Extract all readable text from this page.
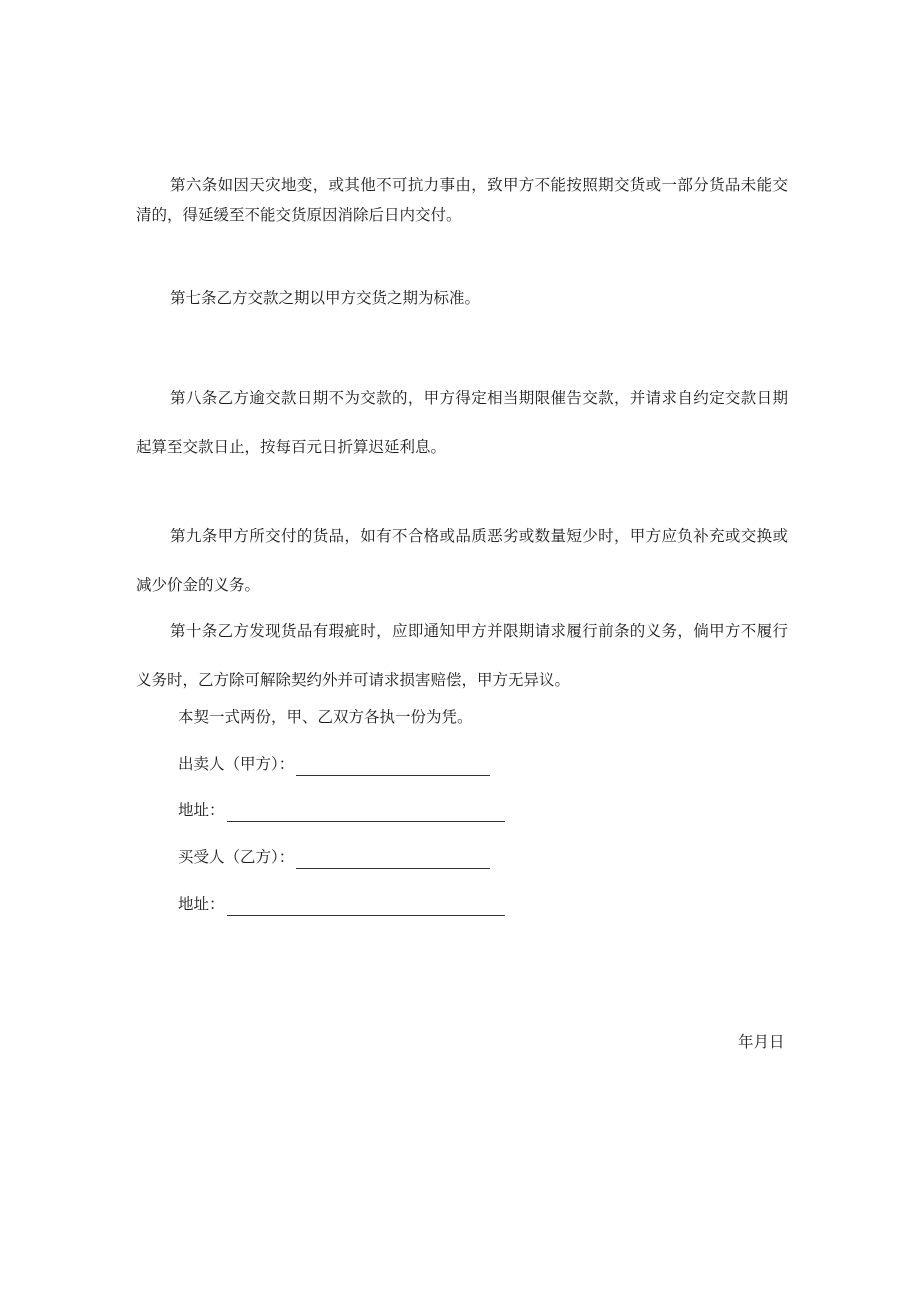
第六条如因天灾地变，或其他不可抗力事由，致甲方不能按照期交货或一部分货品未能交清的，得延缓至不能交货原因消除后日内交付。

第七条乙方交款之期以甲方交货之期为标准。

第八条乙方逾交款日期不为交款的，甲方得定相当期限催告交款，并请求自约定交款日期起算至交款日止，按每百元日折算迟延利息。

第九条甲方所交付的货品，如有不合格或品质恶劣或数量短少时，甲方应负补充或交换或减少价金的义务。

第十条乙方发现货品有瑕疵时，应即通知甲方并限期请求履行前条的义务，倘甲方不履行义务时，乙方除可解除契约外并可请求损害赔偿，甲方无异议。

本契一式两份，甲、乙双方各执一份为凭。
出卖人（甲方）：
地址：
买受人（乙方）：
地址：
年月日
